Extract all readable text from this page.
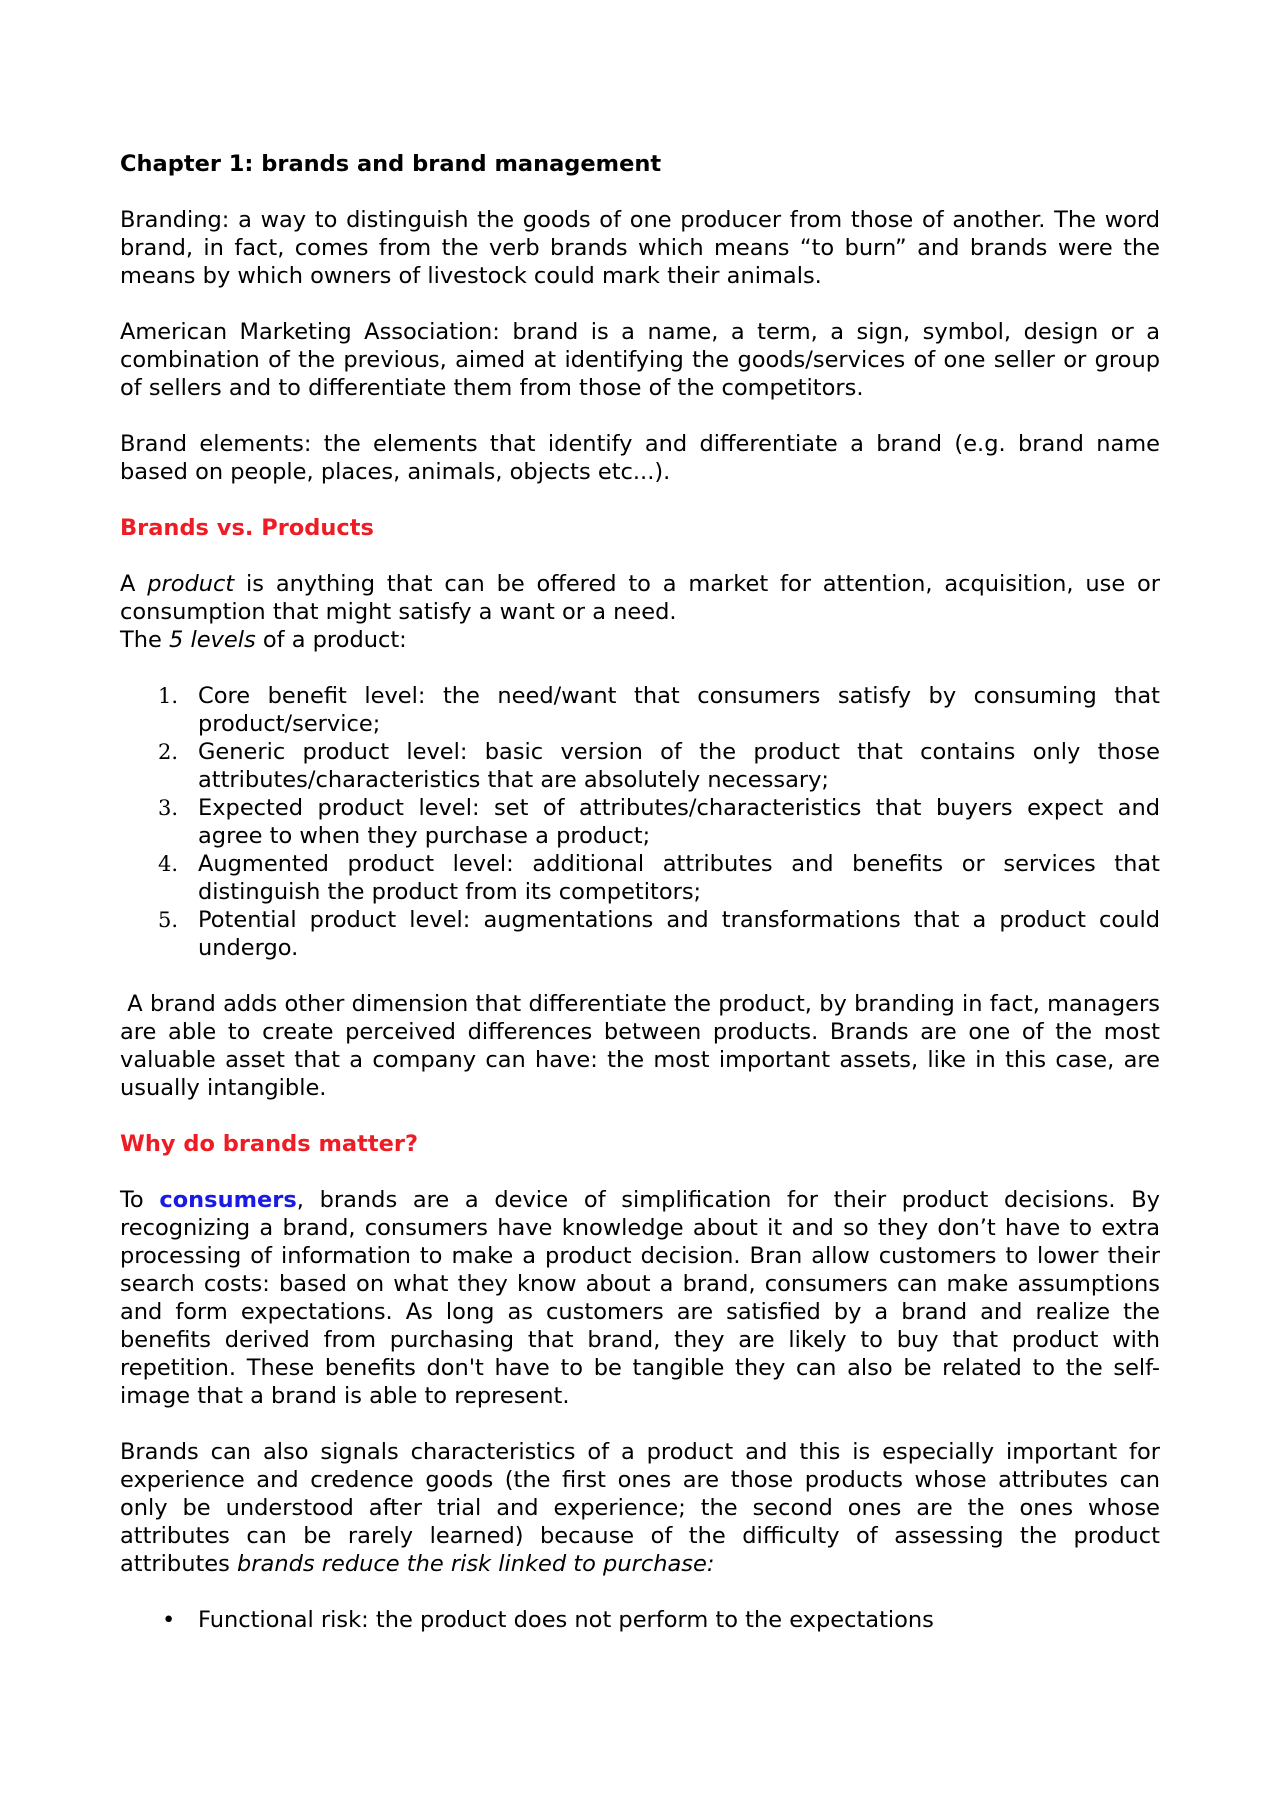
Chapter 1: brands and brand management

Branding: a way to distinguish the goods of one producer from those of another. The word brand, in fact, comes from the verb brands which means “to burn” and brands were the means by which owners of livestock could mark their animals.

American Marketing Association: brand is a name, a term, a sign, symbol, design or a combination of the previous, aimed at identifying the goods/services of one seller or group of sellers and to differentiate them from those of the competitors.

Brand elements: the elements that identify and differentiate a brand (e.g. brand name based on people, places, animals, objects etc...).

Brands vs. Products

A product is anything that can be offered to a market for attention, acquisition, use or consumption that might satisfy a want or a need.

The 5 levels of a product:

1. Core benefit level: the need/want that consumers satisfy by consuming that product/service;
2. Generic product level: basic version of the product that contains only those attributes/characteristics that are absolutely necessary;
3. Expected product level: set of attributes/characteristics that buyers expect and agree to when they purchase a product;
4. Augmented product level: additional attributes and benefits or services that distinguish the product from its competitors;
5. Potential product level: augmentations and transformations that a product could undergo.

A brand adds other dimension that differentiate the product, by branding in fact, managers are able to create perceived differences between products. Brands are one of the most valuable asset that a company can have: the most important assets, like in this case, are usually intangible.

Why do brands matter?

To consumers, brands are a device of simplification for their product decisions. By recognizing a brand, consumers have knowledge about it and so they don’t have to extra processing of information to make a product decision. Bran allow customers to lower their search costs: based on what they know about a brand, consumers can make assumptions and form expectations. As long as customers are satisfied by a brand and realize the benefits derived from purchasing that brand, they are likely to buy that product with repetition. These benefits don't have to be tangible they can also be related to the self-image that a brand is able to represent.

Brands can also signals characteristics of a product and this is especially important for experience and credence goods (the first ones are those products whose attributes can only be understood after trial and experience; the second ones are the ones whose attributes can be rarely learned) because of the difficulty of assessing the product attributes brands reduce the risk linked to purchase:

• Functional risk: the product does not perform to the expectations
